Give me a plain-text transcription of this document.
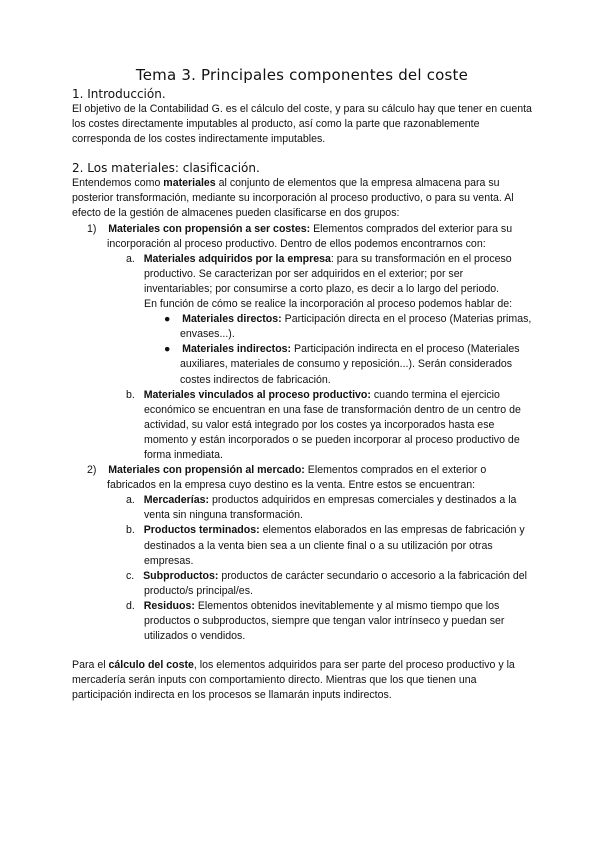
Tema 3. Principales componentes del coste
1. Introducción.

El objetivo de la Contabilidad G. es el cálculo del coste, y para su cálculo hay que tener en cuenta los costes directamente imputables al producto, así como la parte que razonablemente corresponda de los costes indirectamente imputables.

2. Los materiales: clasificación.

Entendemos como materiales al conjunto de elementos que la empresa almacena para su posterior transformación, mediante su incorporación al proceso productivo, o para su venta. Al efecto de la gestión de almacenes pueden clasificarse en dos grupos:

1) Materiales con propensión a ser costes: Elementos comprados del exterior para su incorporación al proceso productivo. Dentro de ellos podemos encontrarnos con:

a. Materiales adquiridos por la empresa: para su transformación en el proceso productivo. Se caracterizan por ser adquiridos en el exterior; por ser inventariables; por consumirse a corto plazo, es decir a lo largo del periodo.

En función de cómo se realice la incorporación al proceso podemos hablar de:

●    Materiales directos: Participación directa en el proceso (Materias primas, envases...).

●    Materiales indirectos: Participación indirecta en el proceso (Materiales auxiliares, materiales de consumo y reposición...). Serán considerados costes indirectos de fabricación.

b. Materiales vinculados al proceso productivo: cuando termina el ejercicio económico se encuentran en una fase de transformación dentro de un centro de actividad, su valor está integrado por los costes ya incorporados hasta ese momento y están incorporados o se pueden incorporar al proceso productivo de forma inmediata.

2) Materiales con propensión al mercado: Elementos comprados en el exterior o fabricados en la empresa cuyo destino es la venta. Entre estos se encuentran:

a. Mercaderías: productos adquiridos en empresas comerciales y destinados a la venta sin ninguna transformación.

b. Productos terminados: elementos elaborados en las empresas de fabricación y destinados a la venta bien sea a un cliente final o a su utilización por otras empresas.

c. Subproductos: productos de carácter secundario o accesorio a la fabricación del producto/s principal/es.

d. Residuos: Elementos obtenidos inevitablemente y al mismo tiempo que los productos o subproductos, siempre que tengan valor intrínseco y puedan ser utilizados o vendidos.

Para el cálculo del coste, los elementos adquiridos para ser parte del proceso productivo y la mercadería serán inputs con comportamiento directo. Mientras que los que tienen una participación indirecta en los procesos se llamarán inputs indirectos.
